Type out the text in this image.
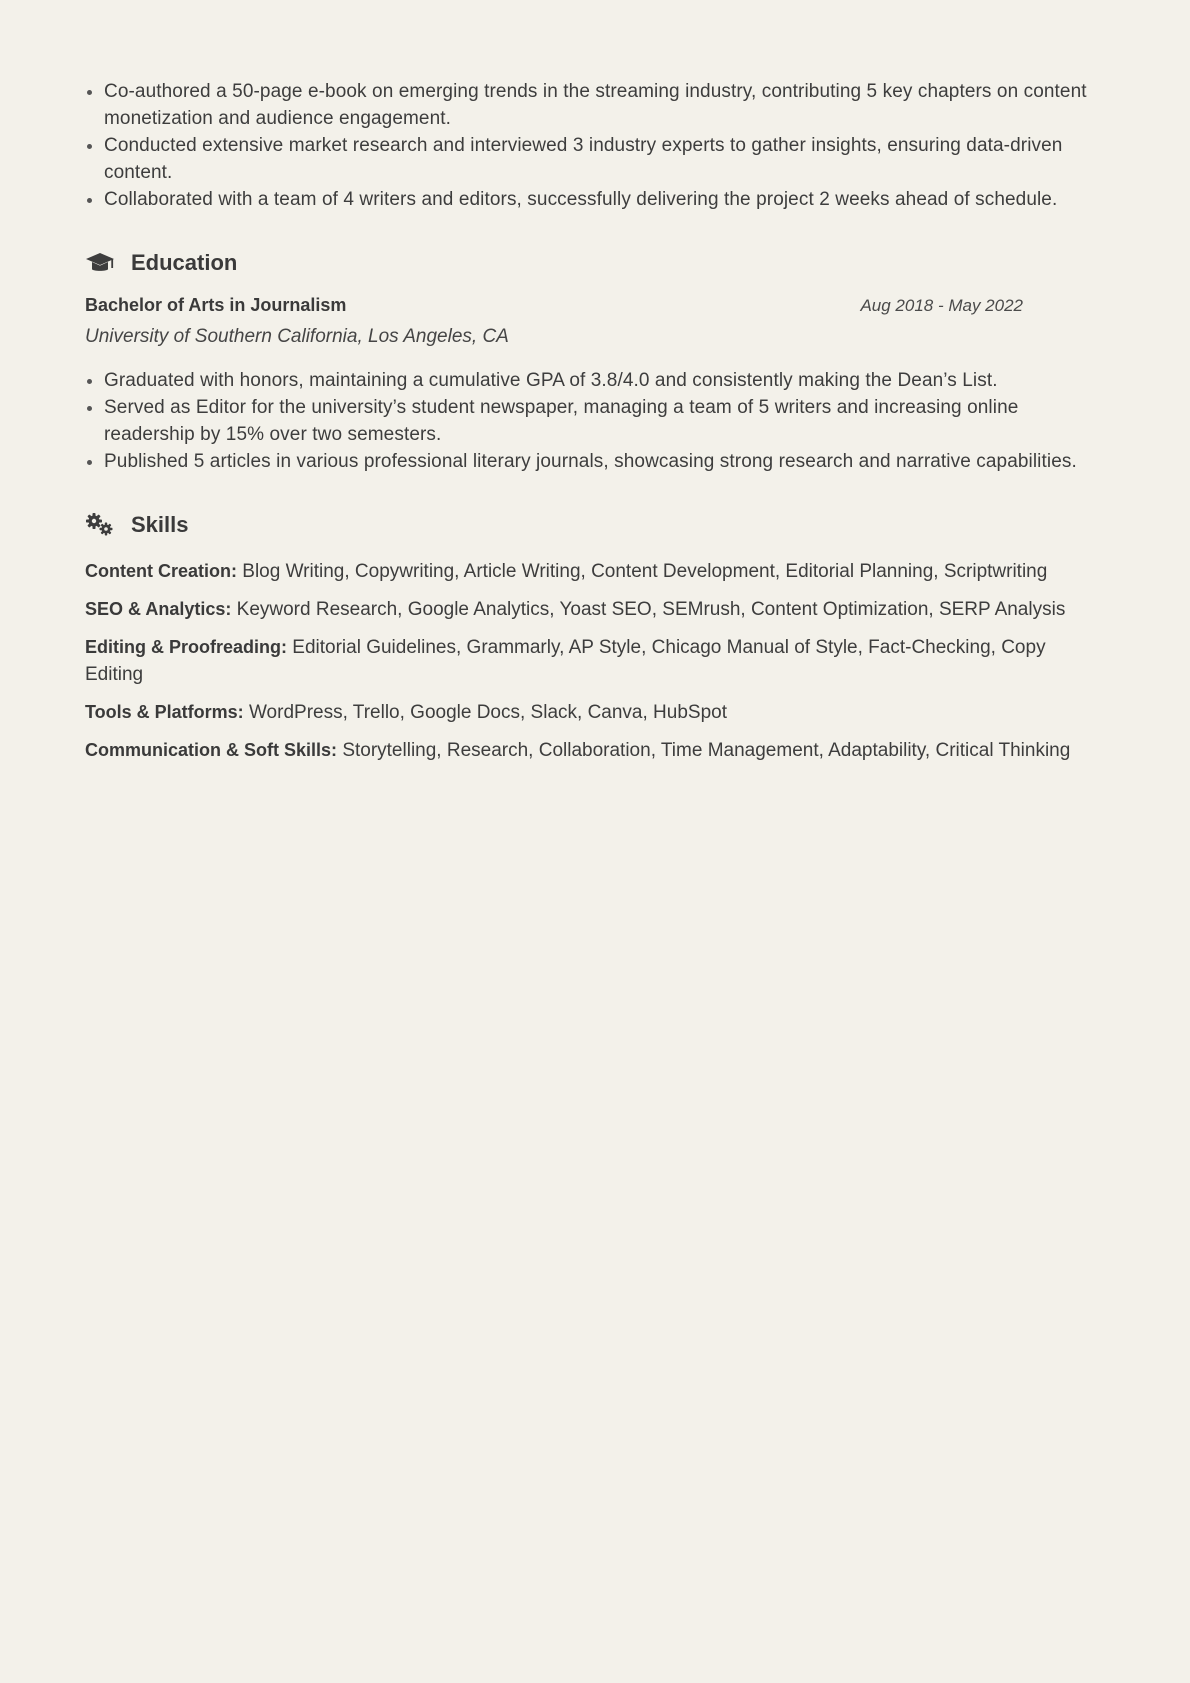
Co-authored a 50-page e-book on emerging trends in the streaming industry, contributing 5 key chapters on content monetization and audience engagement.
Conducted extensive market research and interviewed 3 industry experts to gather insights, ensuring data-driven content.
Collaborated with a team of 4 writers and editors, successfully delivering the project 2 weeks ahead of schedule.
Education
Bachelor of Arts in Journalism	Aug 2018 - May 2022
University of Southern California, Los Angeles, CA
Graduated with honors, maintaining a cumulative GPA of 3.8/4.0 and consistently making the Dean’s List.
Served as Editor for the university’s student newspaper, managing a team of 5 writers and increasing online readership by 15% over two semesters.
Published 5 articles in various professional literary journals, showcasing strong research and narrative capabilities.
Skills

Content Creation: Blog Writing, Copywriting, Article Writing, Content Development, Editorial Planning, Scriptwriting

SEO & Analytics: Keyword Research, Google Analytics, Yoast SEO, SEMrush, Content Optimization, SERP Analysis

Editing & Proofreading: Editorial Guidelines, Grammarly, AP Style, Chicago Manual of Style, Fact-Checking, Copy Editing

Tools & Platforms: WordPress, Trello, Google Docs, Slack, Canva, HubSpot

Communication & Soft Skills: Storytelling, Research, Collaboration, Time Management, Adaptability, Critical Thinking
